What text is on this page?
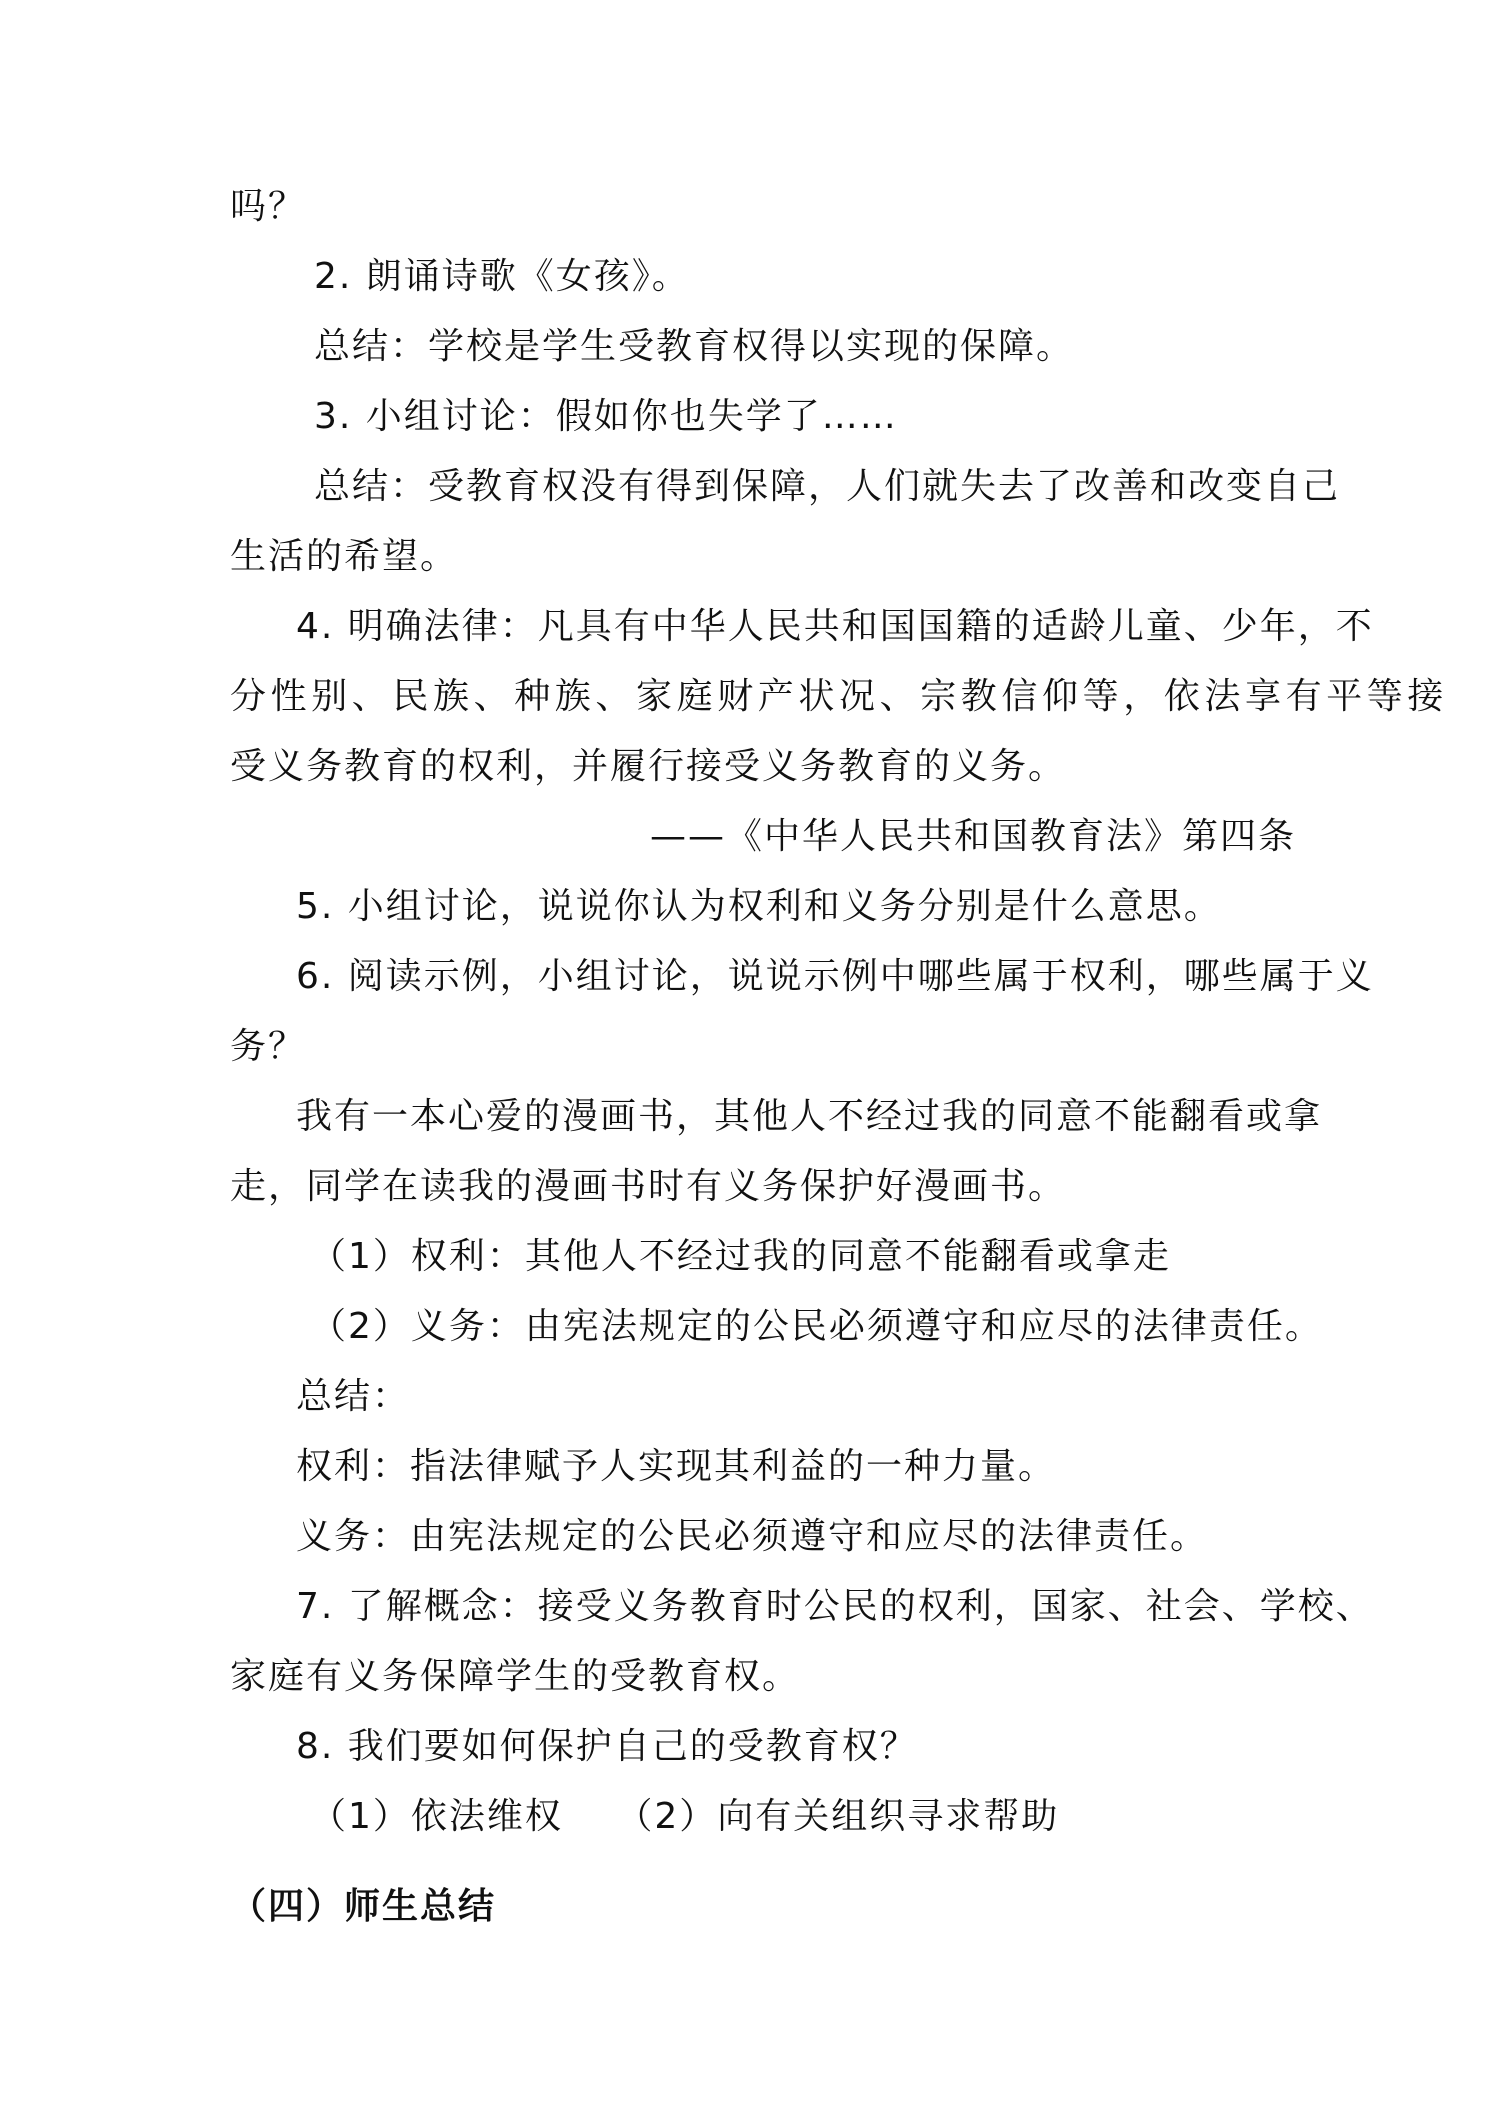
吗？
2. 朗诵诗歌《女孩》。
总结：学校是学生受教育权得以实现的保障。
3. 小组讨论：假如你也失学了……
总结：受教育权没有得到保障，人们就失去了改善和改变自己
生活的希望。
4. 明确法律：凡具有中华人民共和国国籍的适龄儿童、少年，不
分性别、民族、种族、家庭财产状况、宗教信仰等，依法享有平等接
受义务教育的权利，并履行接受义务教育的义务。
——《中华人民共和国教育法》第四条
5. 小组讨论，说说你认为权利和义务分别是什么意思。
6. 阅读示例，小组讨论，说说示例中哪些属于权利，哪些属于义
务？
我有一本心爱的漫画书，其他人不经过我的同意不能翻看或拿
走，同学在读我的漫画书时有义务保护好漫画书。
（1）权利：其他人不经过我的同意不能翻看或拿走
（2）义务：由宪法规定的公民必须遵守和应尽的法律责任。
总结：
权利：指法律赋予人实现其利益的一种力量。
义务：由宪法规定的公民必须遵守和应尽的法律责任。
7. 了解概念：接受义务教育时公民的权利，国家、社会、学校、
家庭有义务保障学生的受教育权。
8. 我们要如何保护自己的受教育权？
（1）依法维权 （2）向有关组织寻求帮助
（四）师生总结
